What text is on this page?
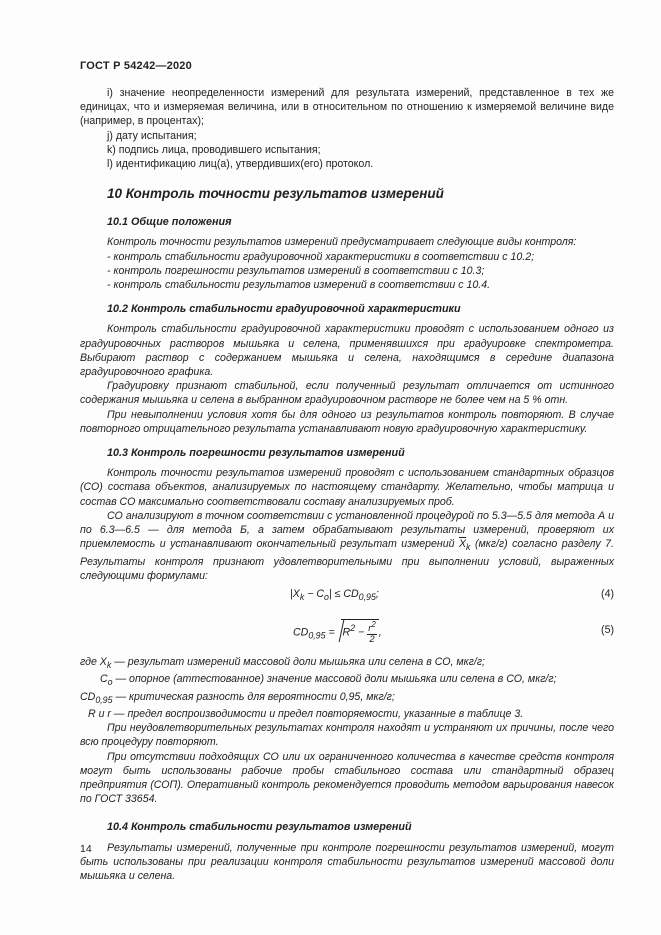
ГОСТ Р 54242—2020

i) значение неопределенности измерений для результата измерений, представленное в тех же единицах, что и измеряемая величина, или в относительном по отношению к измеряемой величине виде (например, в процентах);

j) дату испытания;

k) подпись лица, проводившего испытания;

l) идентификацию лиц(а), утвердивших(его) протокол.

10 Контроль точности результатов измерений
10.1 Общие положения

Контроль точности результатов измерений предусматривает следующие виды контроля:

- контроль стабильности градуировочной характеристики в соответствии с 10.2;

- контроль погрешности результатов измерений в соответствии с 10.3;

- контроль стабильности результатов измерений в соответствии с 10.4.

10.2 Контроль стабильности градуировочной характеристики

Контроль стабильности градуировочной характеристики проводят с использованием одного из градуировочных растворов мышьяка и селена, применявшихся при градуировке спектрометра. Выбирают раствор с содержанием мышьяка и селена, находящимся в середине диапазона градуировочного графика.

Градуировку признают стабильной, если полученный результат отличается от истинного содержания мышьяка и селена в выбранном градуировочном растворе не более чем на 5 % отн.

При невыполнении условия хотя бы для одного из результатов контроль повторяют. В случае повторного отрицательного результата устанавливают новую градуировочную характеристику.

10.3 Контроль погрешности результатов измерений

Контроль точности результатов измерений проводят с использованием стандартных образцов (СО) состава объектов, анализируемых по настоящему стандарту. Желательно, чтобы матрица и состав СО максимально соответствовали составу анализируемых проб.

СО анализируют в точном соответствии с установленной процедурой по 5.3—5.5 для метода А и по 6.3—6.5 — для метода Б, а затем обрабатывают результаты измерений, проверяют их приемлемость и устанавливают окончательный результат измерений $\overline{X}_k$ (мкг/г) согласно разделу 7. Результаты контроля признают удовлетворительными при выполнении условий, выраженных следующими формулами:

$|X_k - C_o| \le CD_{0,95}$;	(4)
$CD_{0,95} = R^2 - \frac{r^2}{2}$ ,	(5)

где $X_k$ — результат измерений массовой доли мышьяка или селена в СО, мкг/г;

$C_o$ — опорное (аттестованное) значение массовой доли мышьяка или селена в СО, мкг/г;

$CD_{0,95}$ — критическая разность для вероятности 0,95, мкг/г;

R и r — предел воспроизводимости и предел повторяемости, указанные в таблице 3.

При неудовлетворительных результатах контроля находят и устраняют их причины, после чего всю процедуру повторяют.

При отсутствии подходящих СО или их ограниченного количества в качестве средств контроля могут быть использованы рабочие пробы стабильного состава или стандартный образец предприятия (СОП). Оперативный контроль рекомендуется проводить методом варьирования навесок по ГОСТ 33654.

10.4 Контроль стабильности результатов измерений

Результаты измерений, полученные при контроле погрешности результатов измерений, могут быть использованы при реализации контроля стабильности результатов измерений массовой доли мышьяка и селена.

14
